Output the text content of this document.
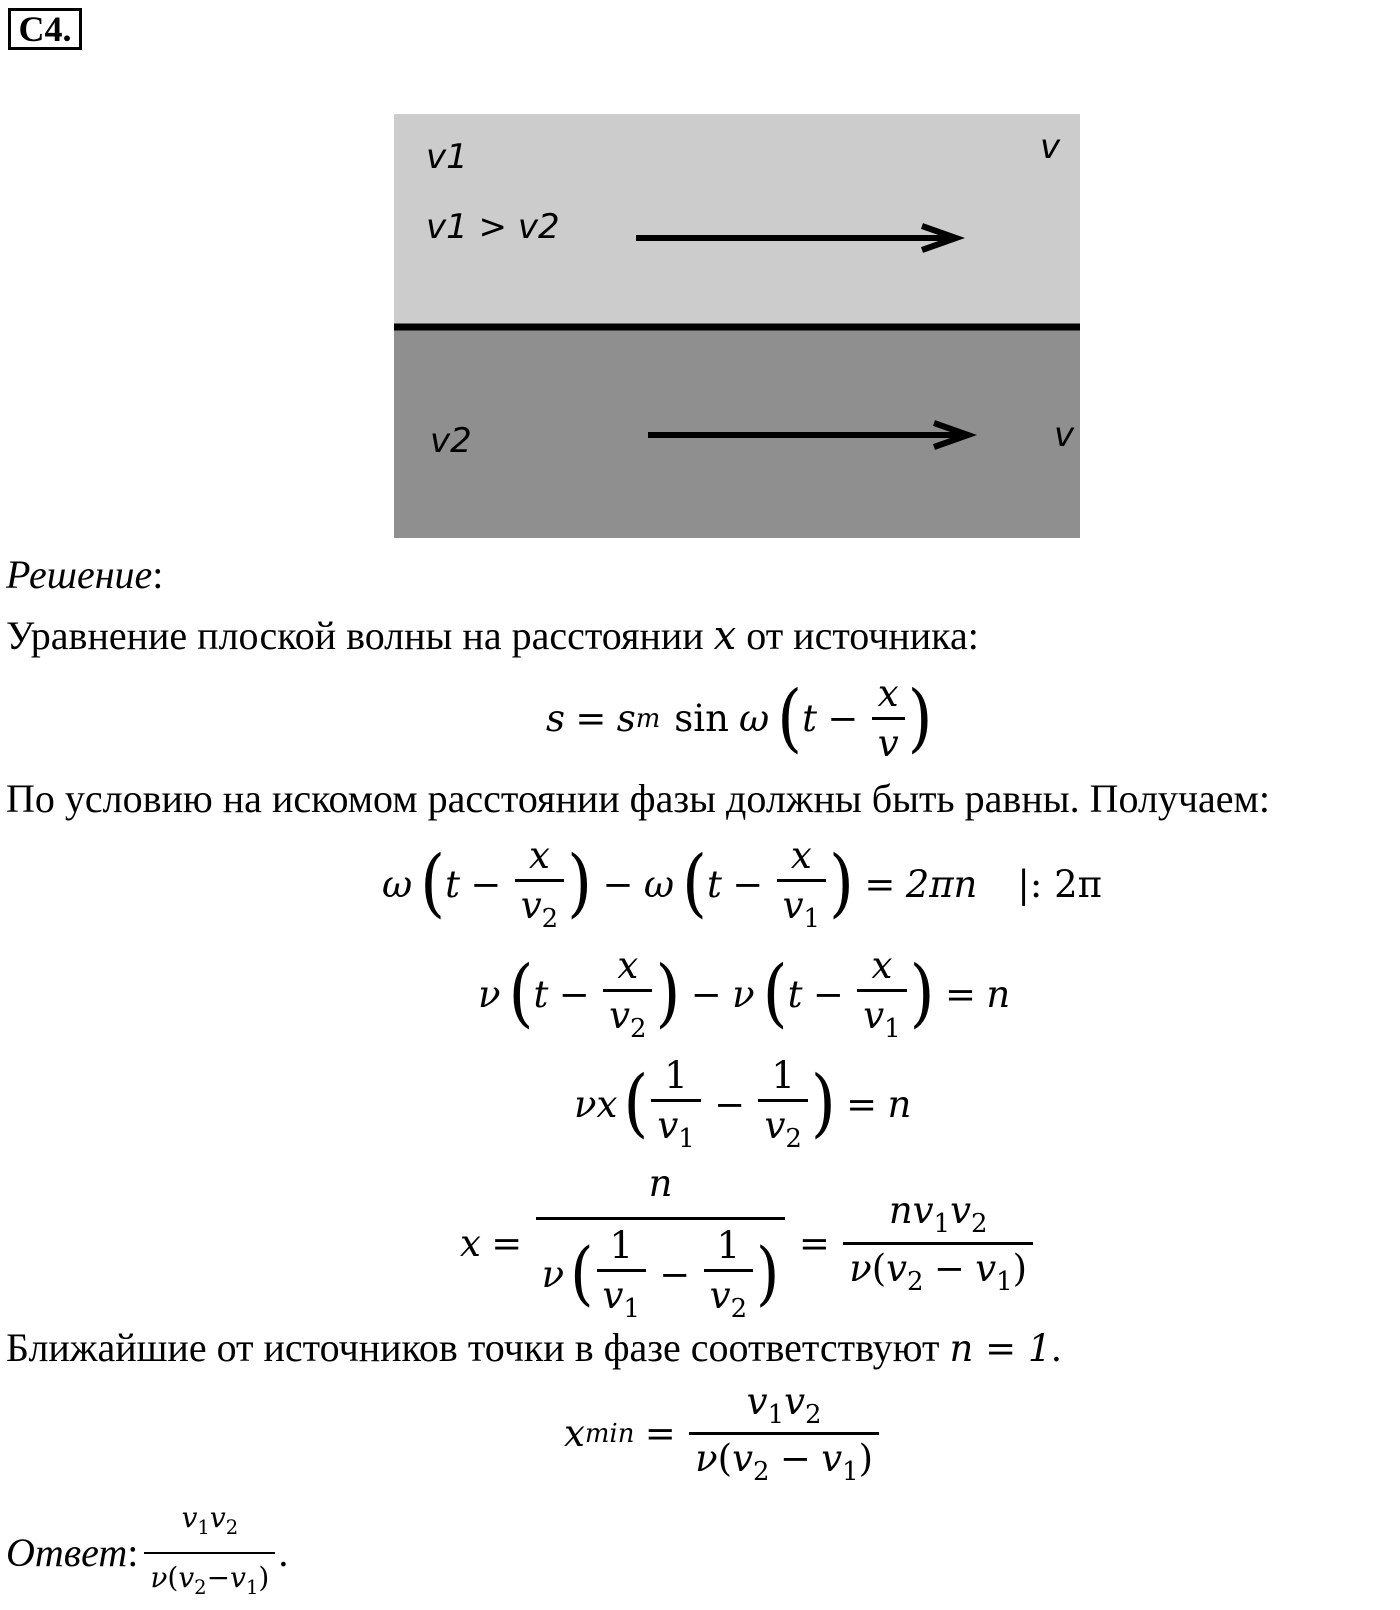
C4.
v1
v1 > v2
v
v2	v
Решение:
Уравнение плоской волны на расстоянии x от источника:
s = s m sin ω ( $t - \frac{x}{v}$ )
По условию на искомом расстоянии фазы должны быть равны. Получаем:
ω ( $t - \frac{x}{v_2}$ ) − ω ( $t - \frac{x}{v_1}$ ) = 2πn |: 2π
ν ( $t - \frac{x}{v_2}$ ) − ν ( $t - \frac{x}{v_1}$ ) = n
νx ( $\frac{1}{v_1} - \frac{1}{v_2}$ ) = n
$x = \frac{n}{\nu ( \frac{1}{v_1} - \frac{1}{v_2} )} = \frac{nv_1v_2}{\nu(v_2 - v_1)}$
Ближайшие от источников точки в фазе соответствуют n = 1.
x $\min = \frac{v_1v_2}{\nu(v_2 - v_1)}$
Ответ : $\frac{v_1v_2}{\nu(v_2-v_1)}$ .
